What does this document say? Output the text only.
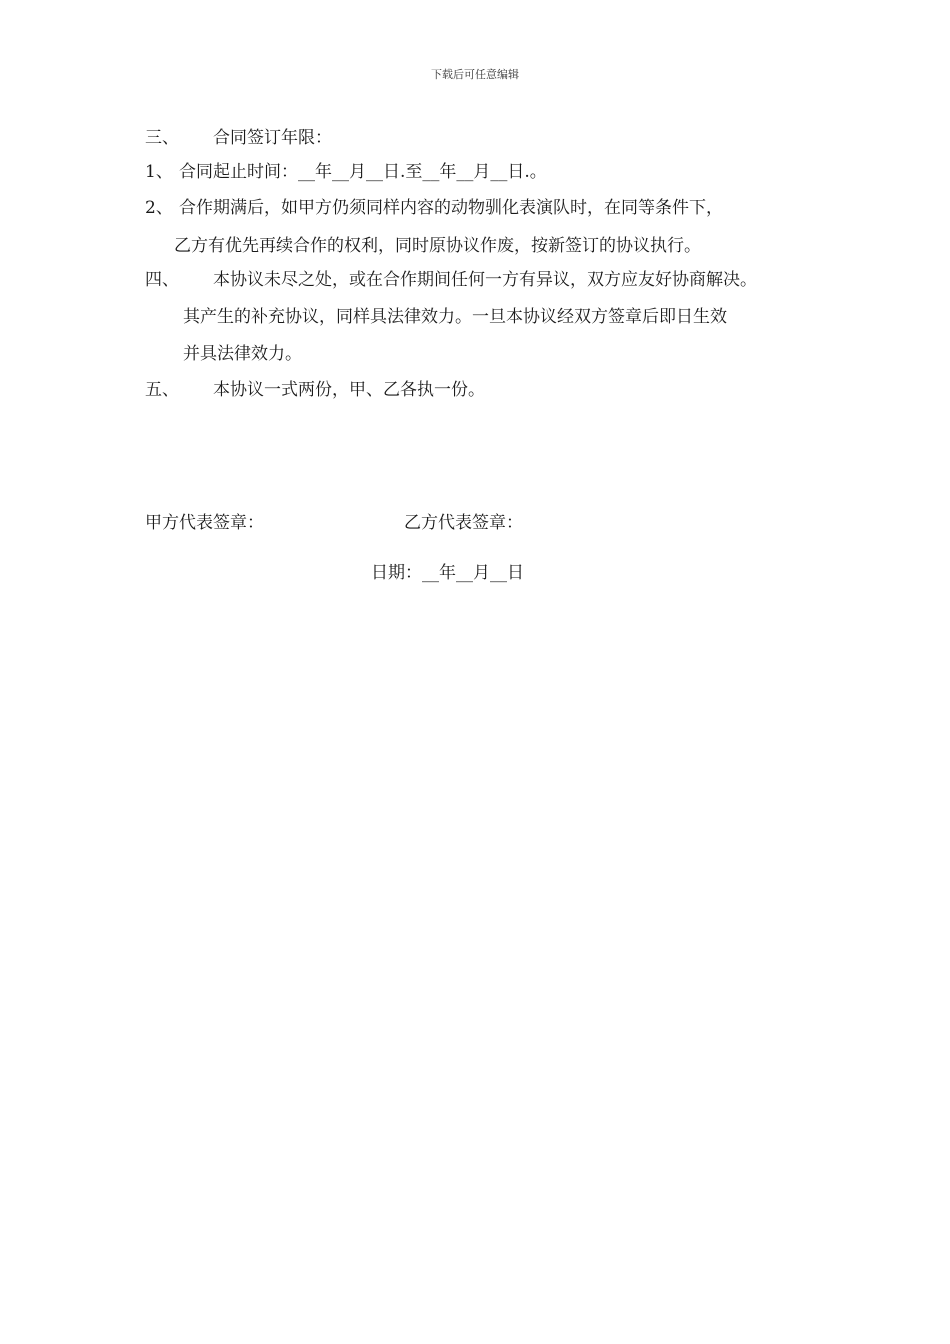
下载后可任意编辑
三、 合同签订年限：
1、 合同起止时间：__年__月__日.至__年__月__日.。
2、 合作期满后，如甲方仍须同样内容的动物驯化表演队时，在同等条件下，
乙方有优先再续合作的权利，同时原协议作废，按新签订的协议执行。
四、 本协议未尽之处，或在合作期间任何一方有异议，双方应友好协商解决。
其产生的补充协议，同样具法律效力。一旦本协议经双方签章后即日生效
并具法律效力。
五、 本协议一式两份，甲、乙各执一份。
甲方代表签章：	乙方代表签章：
日期：__年__月__日
